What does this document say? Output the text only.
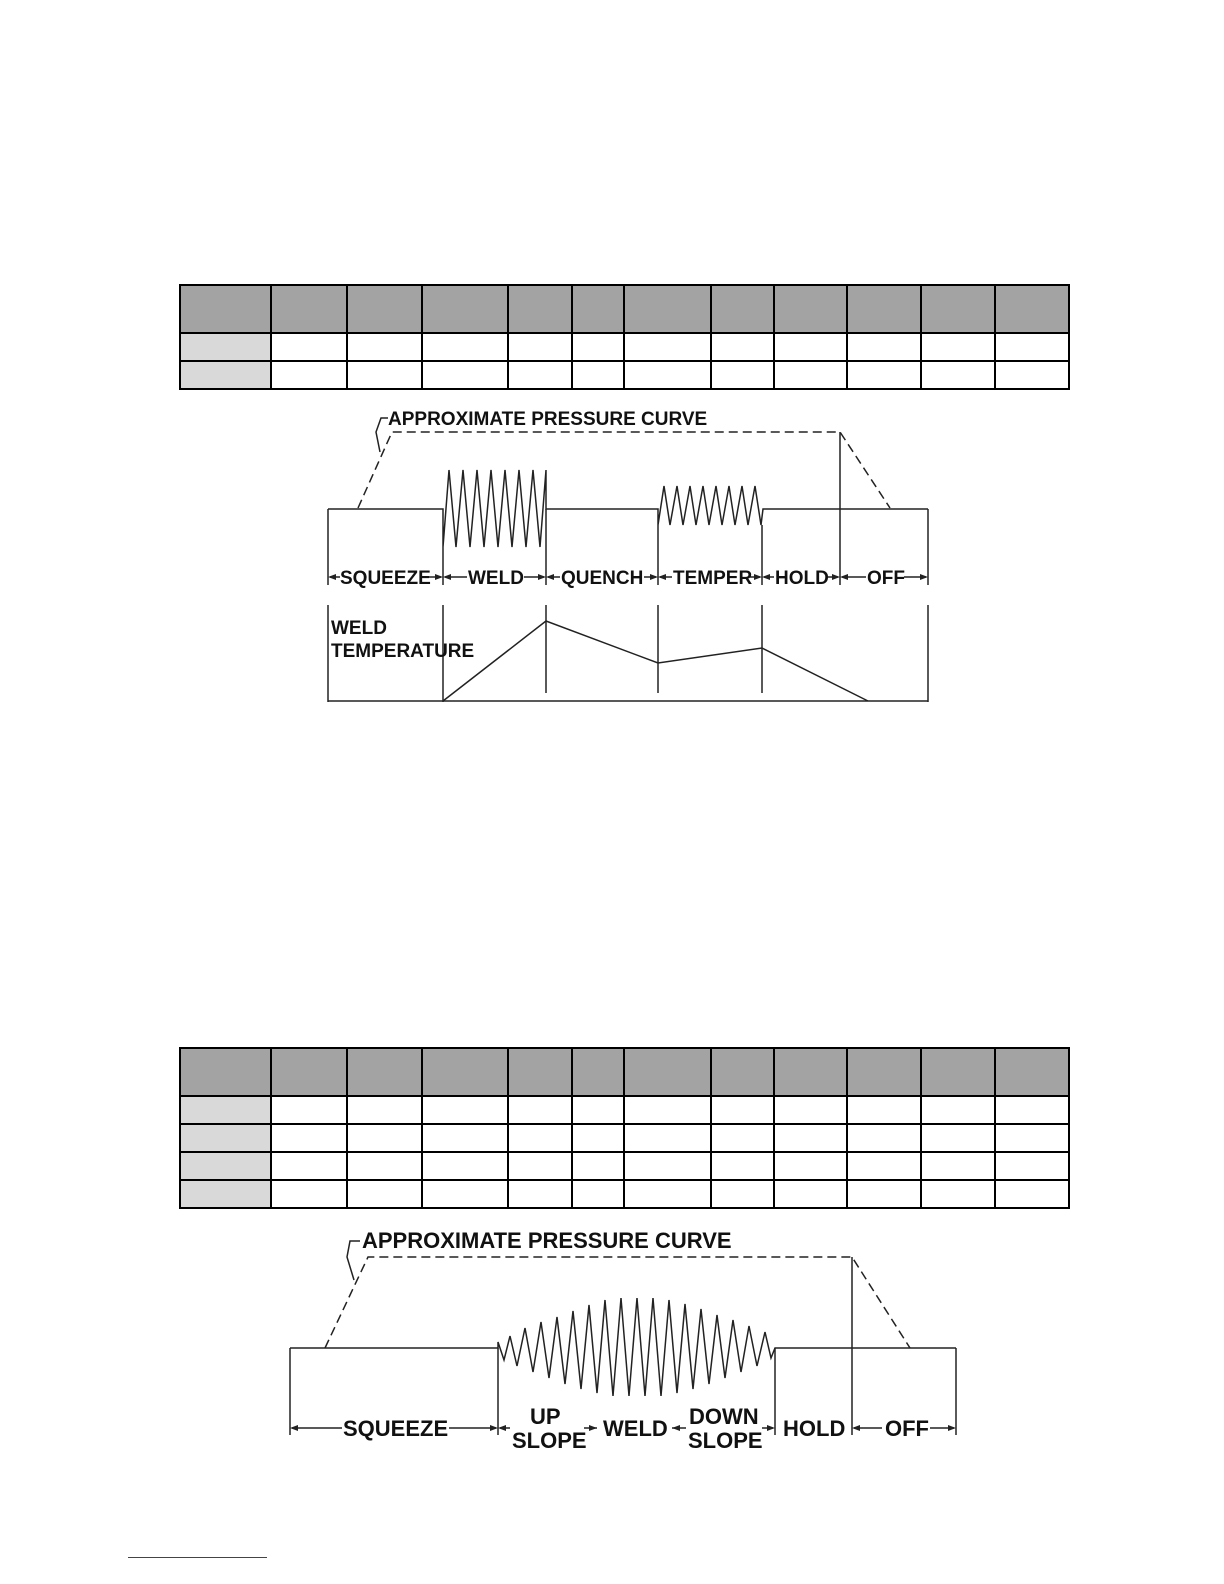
APPROXIMATE PRESSURE CURVE
SQUEEZE WELD QUENCH TEMPER HOLD OFF
WELD
TEMPERATURE

APPROXIMATE PRESSURE CURVE
SQUEEZE	UP
SLOPE WELD DOWN
SLOPE HOLD OFF
